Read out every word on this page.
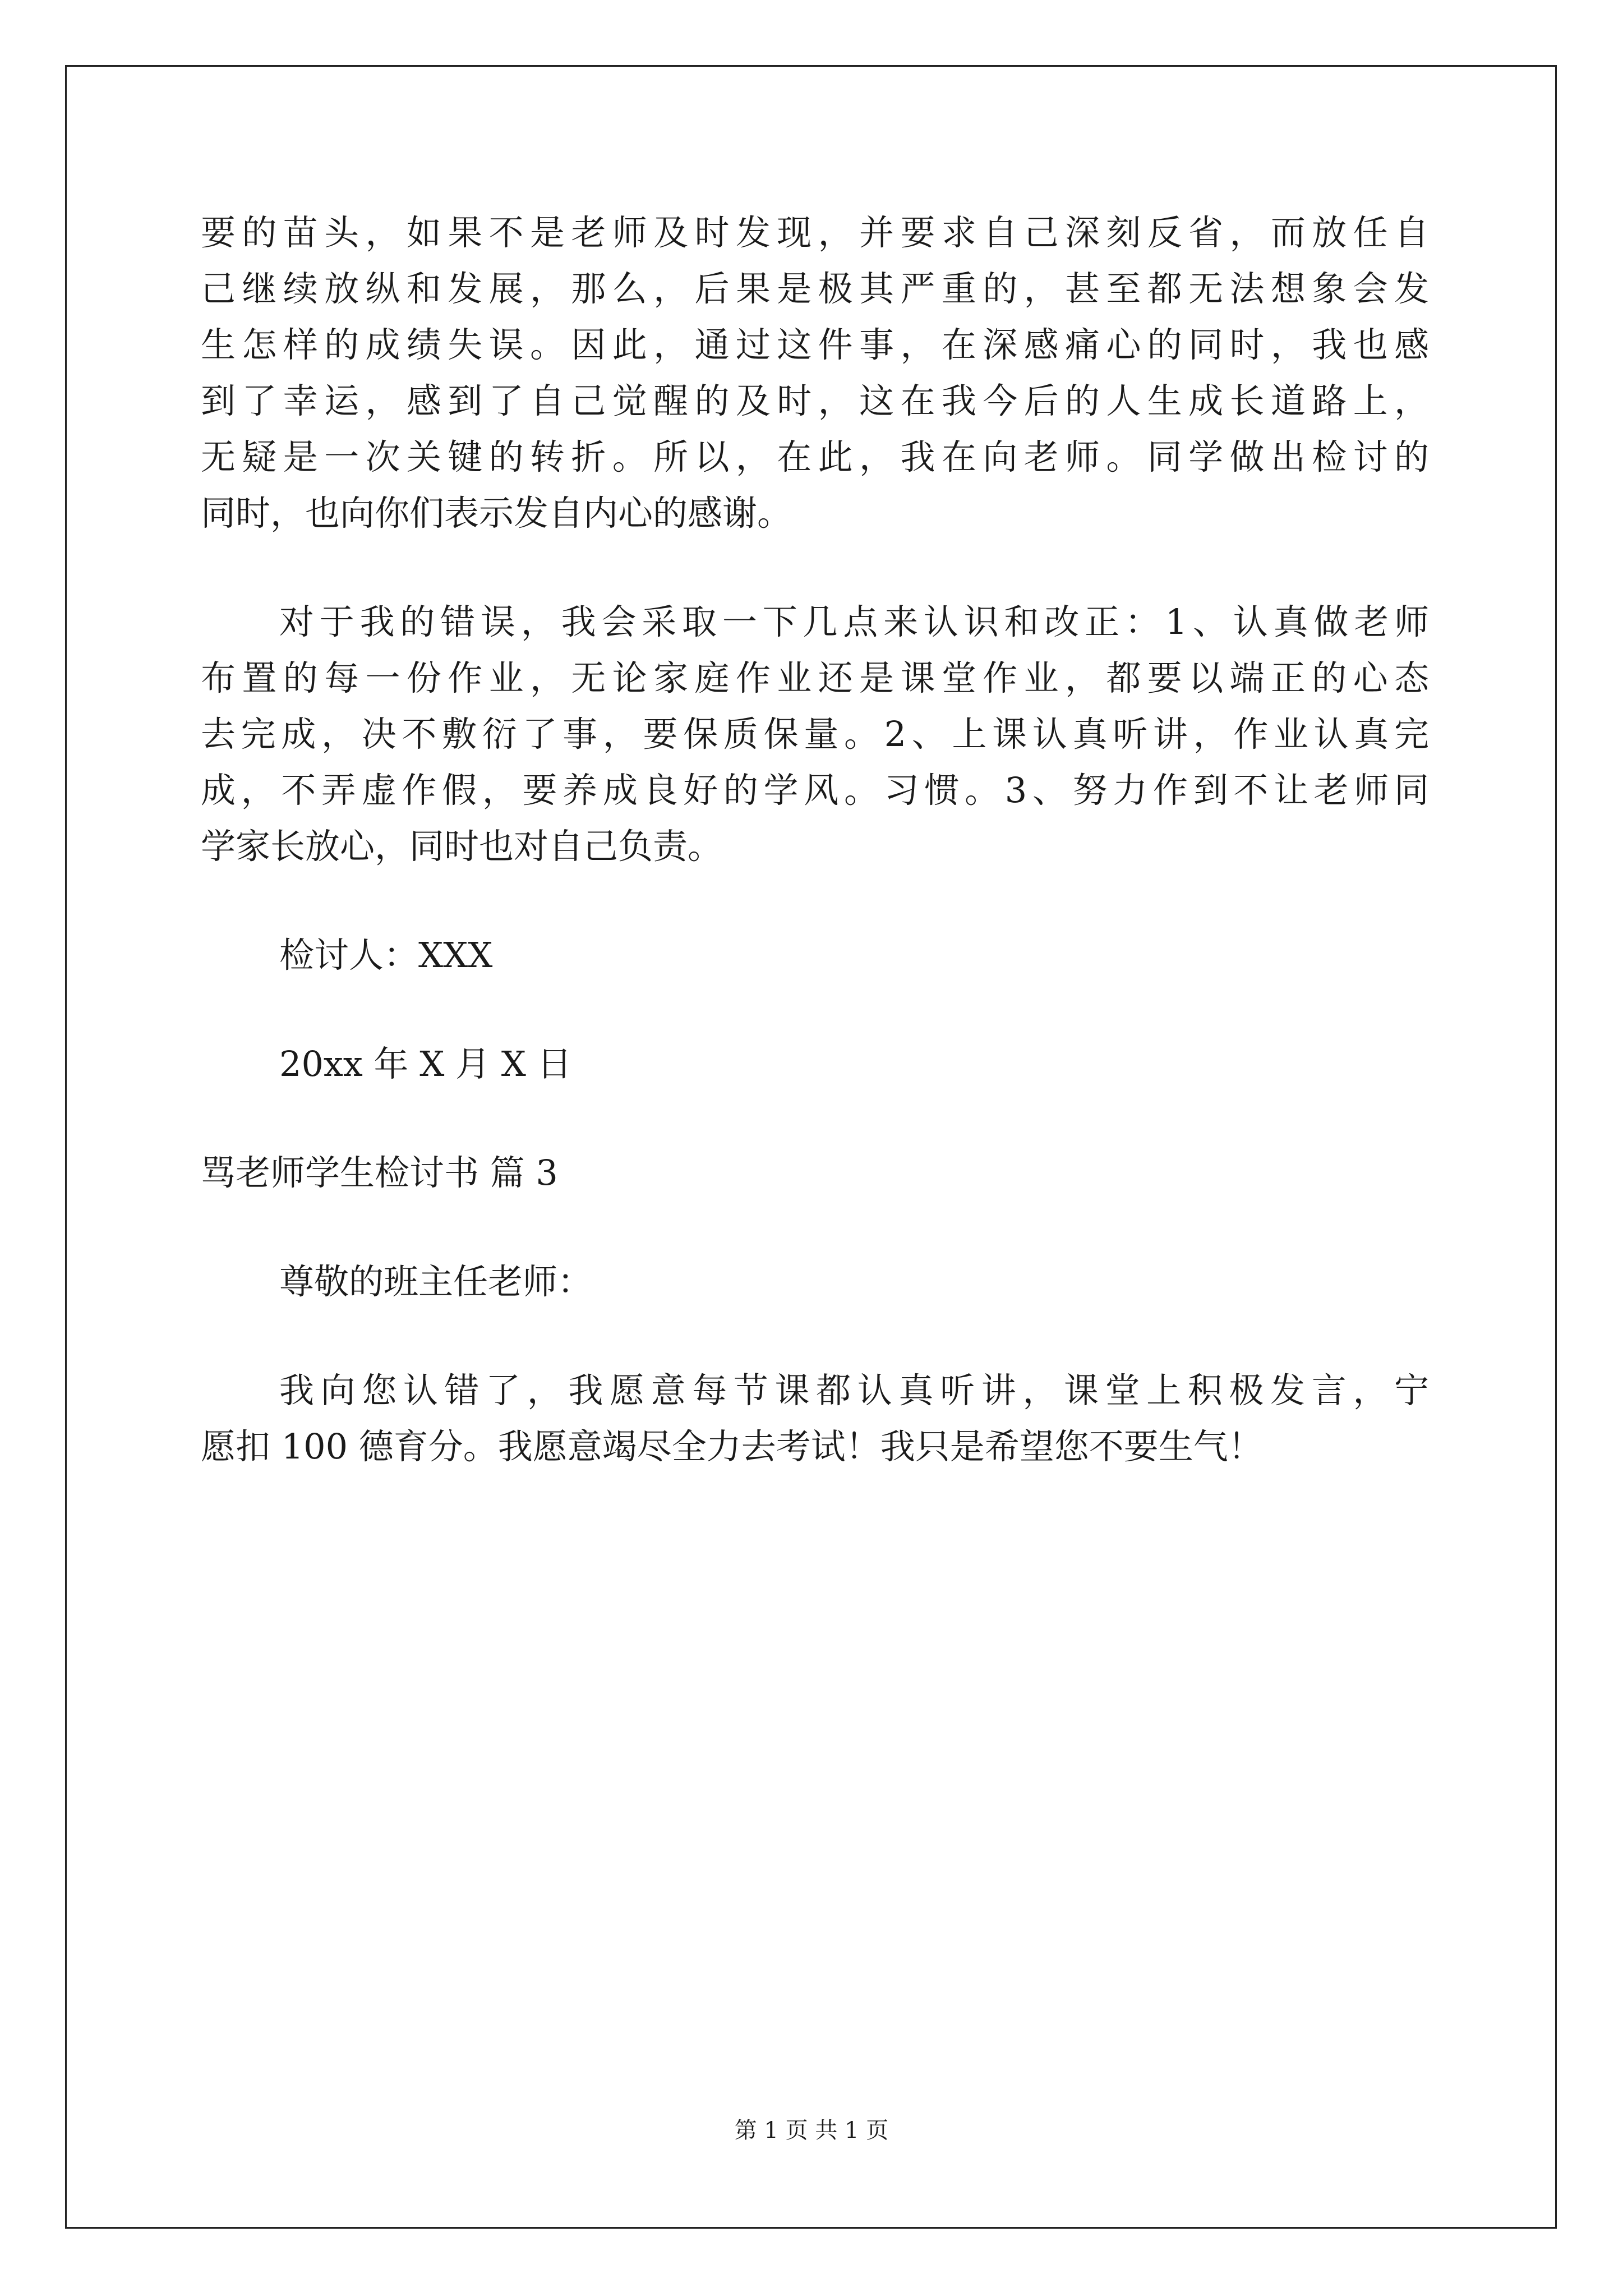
要的苗头，如果不是老师及时发现，并要求自己深刻反省，而放任自

己继续放纵和发展，那么，后果是极其严重的，甚至都无法想象会发

生怎样的成绩失误。因此，通过这件事，在深感痛心的同时，我也感

到了幸运，感到了自己觉醒的及时，这在我今后的人生成长道路上，

无疑是一次关键的转折。所以，在此，我在向老师。同学做出检讨的

同时，也向你们表示发自内心的感谢。

对于我的错误，我会采取一下几点来认识和改正：1、认真做老师

布置的每一份作业，无论家庭作业还是课堂作业，都要以端正的心态

去完成，决不敷衍了事，要保质保量。2、上课认真听讲，作业认真完

成，不弄虚作假，要养成良好的学风。习惯。3、努力作到不让老师同

学家长放心，同时也对自己负责。

检讨人：XXX

20xx 年 X 月 X 日

骂老师学生检讨书 篇 3

尊敬的班主任老师：

我向您认错了，我愿意每节课都认真听讲，课堂上积极发言，宁

愿扣 100 德育分。我愿意竭尽全力去考试！我只是希望您不要生气！

第 1 页 共 1 页
